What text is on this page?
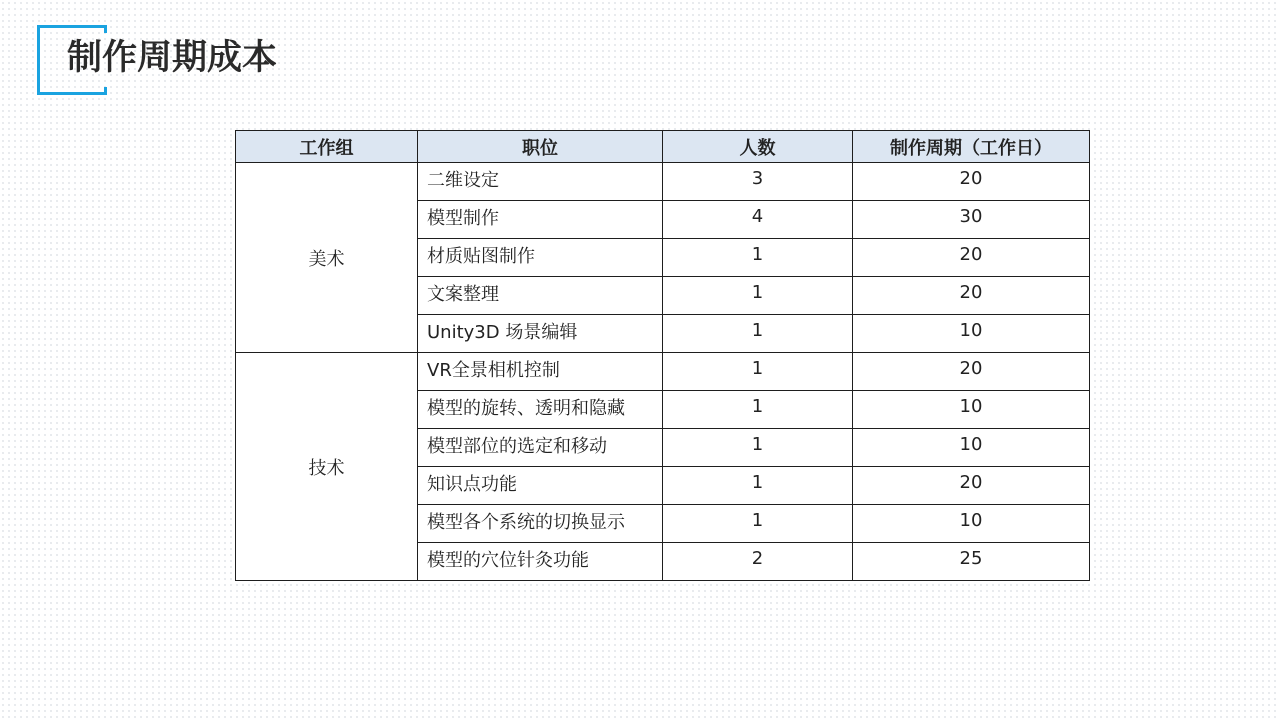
制作周期成本
工作组	职位	人数	制作周期（工作日）
美术	二维设定	3	20
	模型制作	4	30
	材质贴图制作	1	20
	文案整理	1	20
	Unity3D 场景编辑	1	10
技术	VR全景相机控制	1	20
	模型的旋转、透明和隐藏	1	10
	模型部位的选定和移动	1	10
	知识点功能	1	20
	模型各个系统的切换显示	1	10
	模型的穴位针灸功能	2	25
